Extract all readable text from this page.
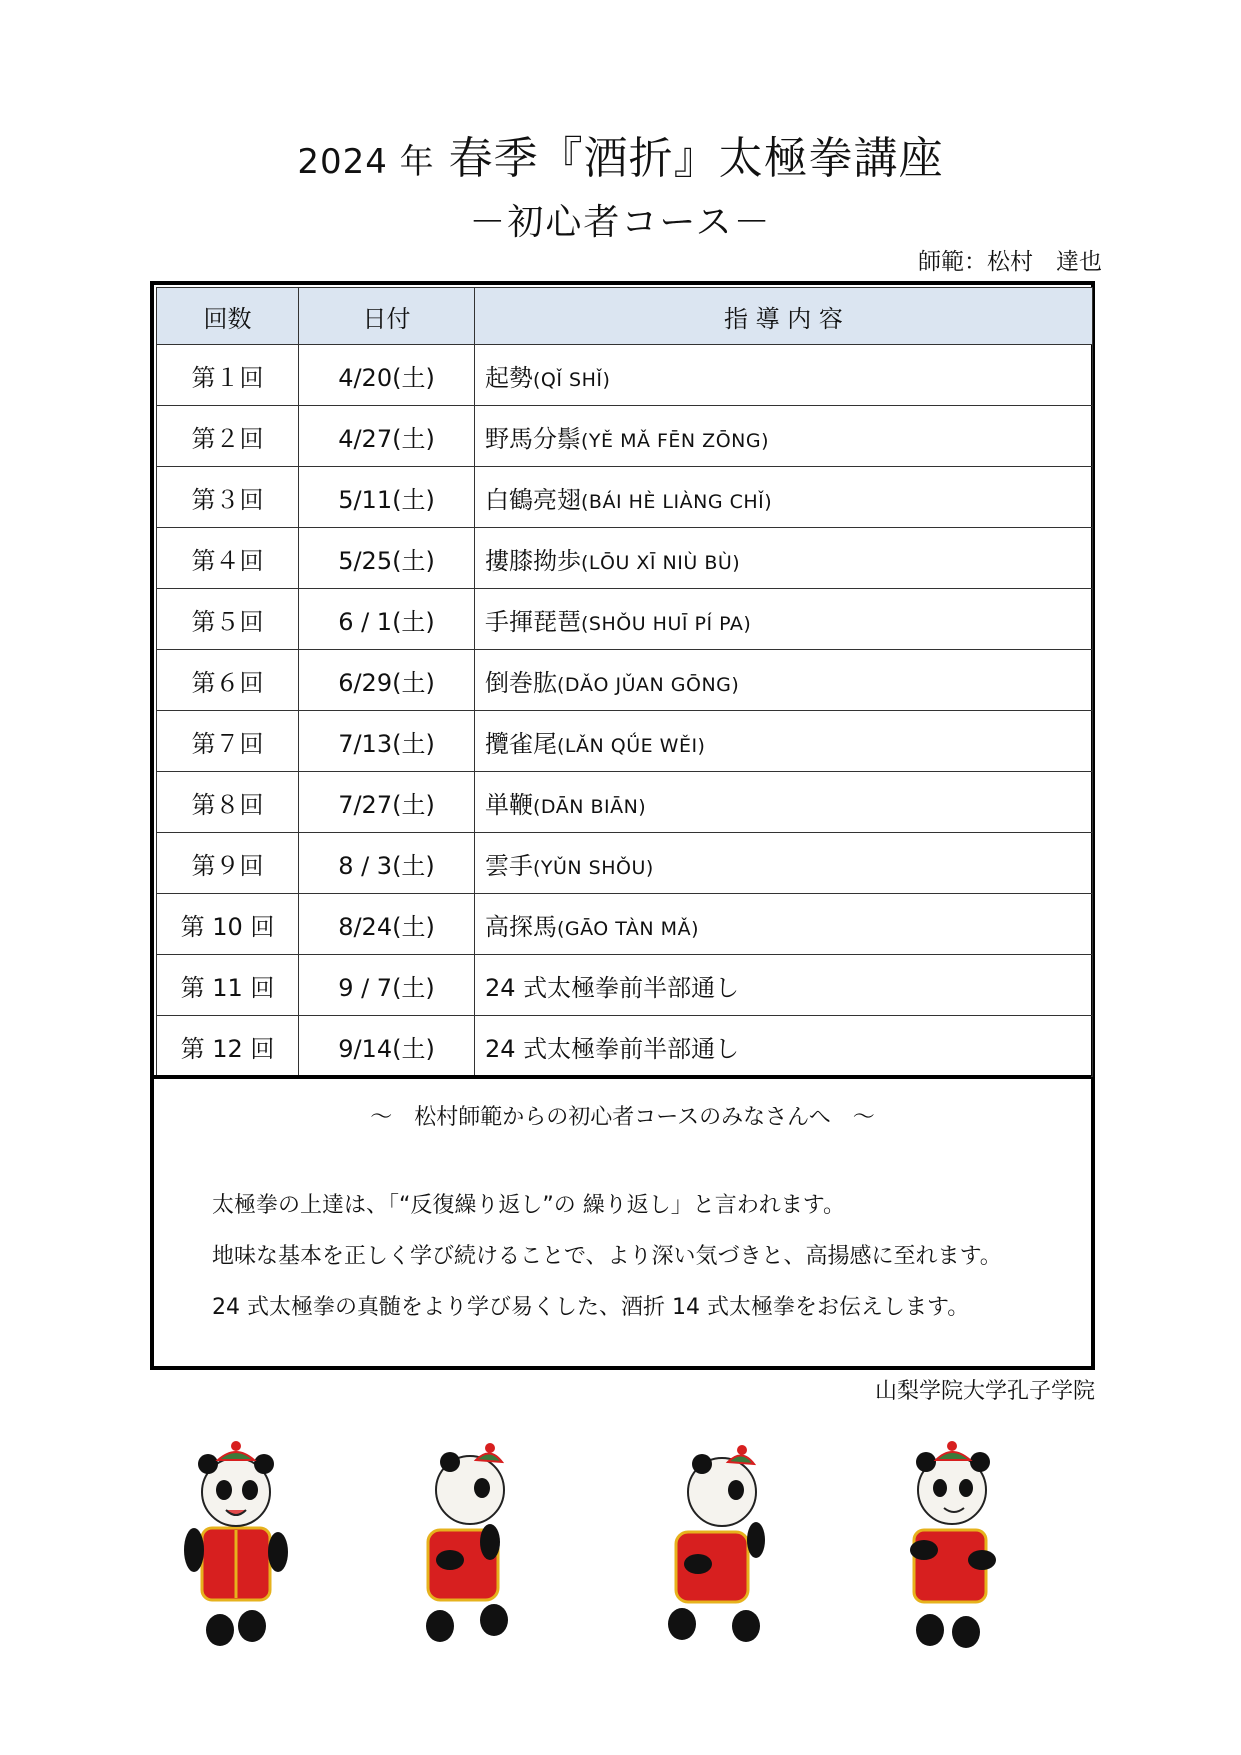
2024 年 春季『酒折』太極拳講座
－初心者コース－
師範：松村　達也
回数	日付	指 導 内 容
第１回	4/20(土)	起勢(QǏ SHǏ)
第２回	4/27(土)	野馬分鬃(YĚ MǍ FĒN ZŌNG)
第３回	5/11(土)	白鶴亮翅(BÁI HÈ LIÀNG CHǏ)
第４回	5/25(土)	摟膝拗歩(LŌU XĪ NIÙ BÙ)
第５回	6 / 1(土)	手揮琵琶(SHǑU HUĪ PÍ PA)
第６回	6/29(土)	倒巻肱(DǍO JǓAN GŌNG)
第７回	7/13(土)	攬雀尾(LǍN QǗE WĚI)
第８回	7/27(土)	単鞭(DĀN BIĀN)
第９回	8 / 3(土)	雲手(YǓN SHǑU)
第 10 回	8/24(土)	高探馬(GĀO TÀN MǍ)
第 11 回	9 / 7(土)	24 式太極拳前半部通し
第 12 回	9/14(土)	24 式太極拳前半部通し
～　松村師範からの初心者コースのみなさんへ　～
太極拳の上達は、「“反復繰り返し”の 繰り返し」と言われます。
地味な基本を正しく学び続けることで、より深い気づきと、高揚感に至れます。
24 式太極拳の真髄をより学び易くした、酒折 14 式太極拳をお伝えします。
山梨学院大学孔子学院
